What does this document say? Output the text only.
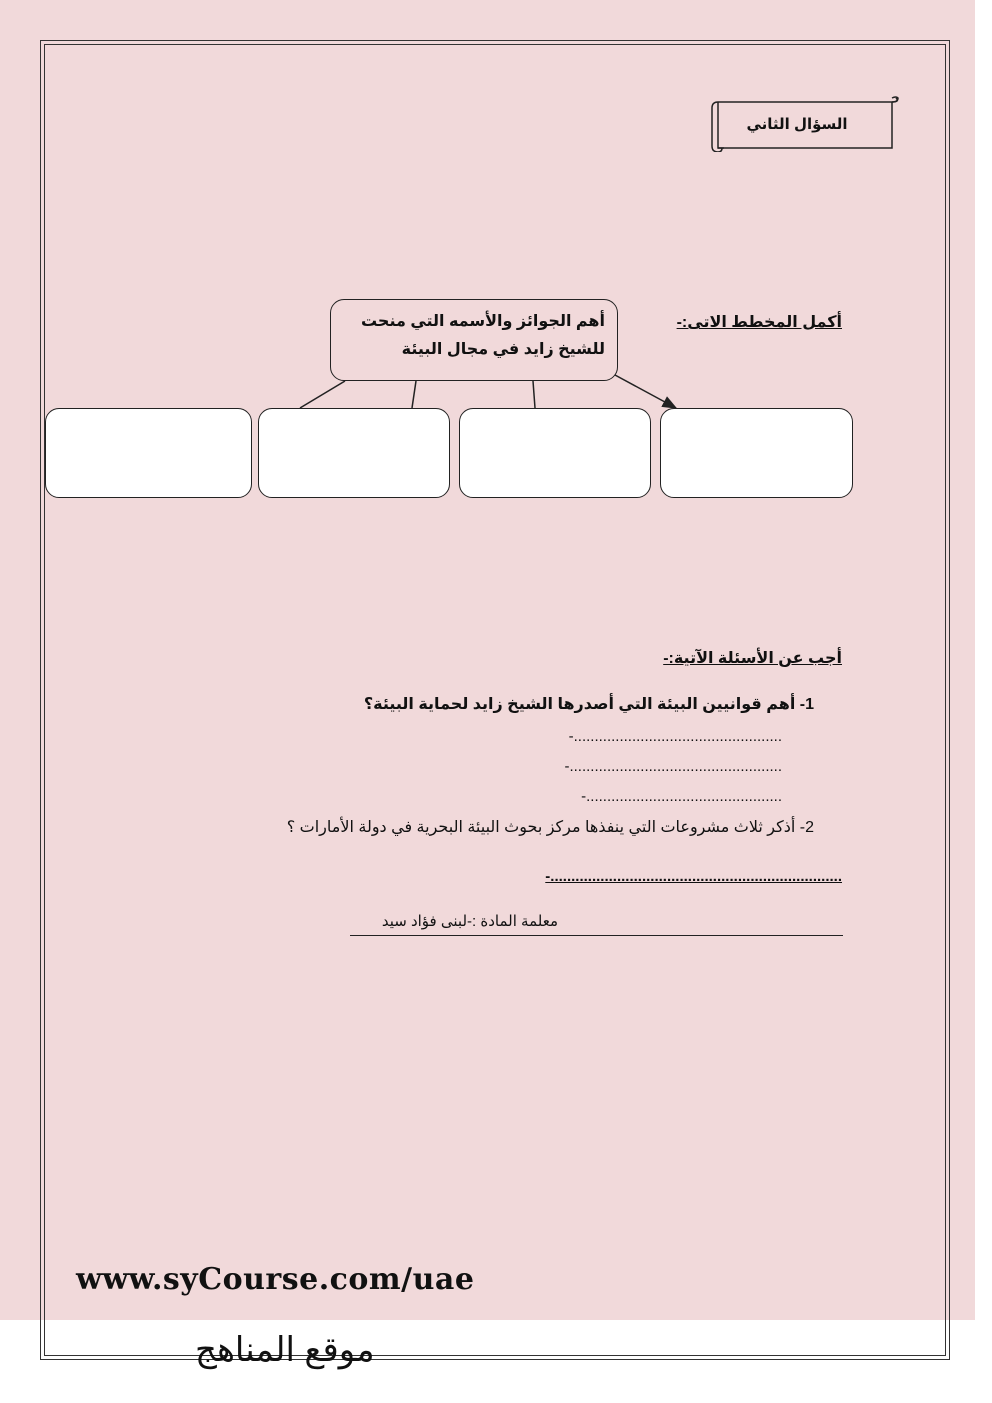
السؤال الثاني
أكمل المخطط الاتى:-
أهم الجوائز والأسمه التي منحت
للشيخ زايد في مجال البيئة
أجب عن الأسئلة الآتية:-
1- أهم قوانيين البيئة التي أصدرها الشيخ زايد لحماية البيئة؟
-..................................................
-...................................................
-...............................................
2- أذكر ثلاث مشروعات التي ينفذها مركز بحوث البيئة البحرية في دولة الأمارات ؟
-......................................................................
معلمة المادة :-لبنى فؤاد سيد
www.syCourse.com/uae
موقع المناهج
